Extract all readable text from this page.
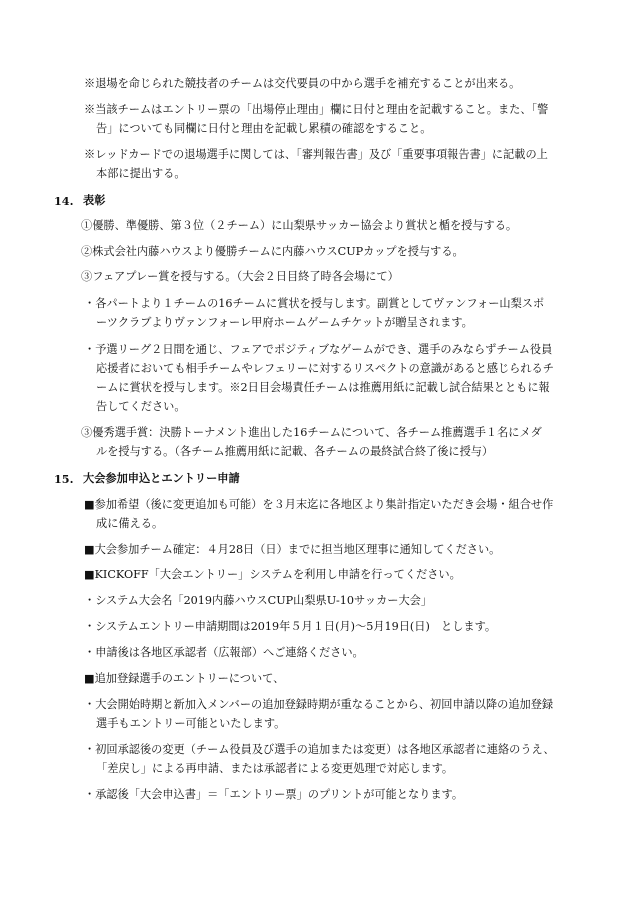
※退場を命じられた競技者のチームは交代要員の中から選手を補充することが出来る。
※当該チームはエントリー票の「出場停止理由」欄に日付と理由を記載すること。また、「警
告」についても同欄に日付と理由を記載し累積の確認をすること。
※レッドカードでの退場選手に関しては、「審判報告書」及び「重要事項報告書」に記載の上
本部に提出する。
14. 表彰
①優勝、準優勝、第３位（２チーム）に山梨県サッカー協会より賞状と楯を授与する。
②株式会社内藤ハウスより優勝チームに内藤ハウスCUPカップを授与する。
③フェアプレー賞を授与する。（大会２日目終了時各会場にて）
・各パートより１チームの16チームに賞状を授与します。副賞としてヴァンフォー山梨スポ
ーツクラブよりヴァンフォーレ甲府ホームゲームチケットが贈呈されます。
・予選リーグ２日間を通じ、フェアでポジティブなゲームができ、選手のみならずチーム役員
応援者においても相手チームやレフェリーに対するリスペクトの意識があると感じられるチ
ームに賞状を授与します。※2日目会場責任チームは推薦用紙に記載し試合結果とともに報
告してください。
③優秀選手賞：決勝トーナメント進出した16チームについて、各チーム推薦選手１名にメダ
ルを授与する。（各チーム推薦用紙に記載、各チームの最終試合終了後に授与）
15. 大会参加申込とエントリー申請
■参加希望（後に変更追加も可能）を３月末迄に各地区より集計指定いただき会場・組合せ作
成に備える。
■大会参加チーム確定：４月28日（日）までに担当地区理事に通知してください。
■KICKOFF「大会エントリー」システムを利用し申請を行ってください。
・システム大会名「2019内藤ハウスCUP山梨県U-10サッカー大会」
・システムエントリー申請期間は2019年５月１日(月)～5月19日(日)　とします。
・申請後は各地区承認者（広報部）へご連絡ください。
■追加登録選手のエントリーについて、
・大会開始時期と新加入メンバーの追加登録時期が重なることから、初回申請以降の追加登録
選手もエントリー可能といたします。
・初回承認後の変更（チーム役員及び選手の追加または変更）は各地区承認者に連絡のうえ、
「差戻し」による再申請、または承認者による変更処理で対応します。
・承認後「大会申込書」＝「エントリー票」のプリントが可能となります。
